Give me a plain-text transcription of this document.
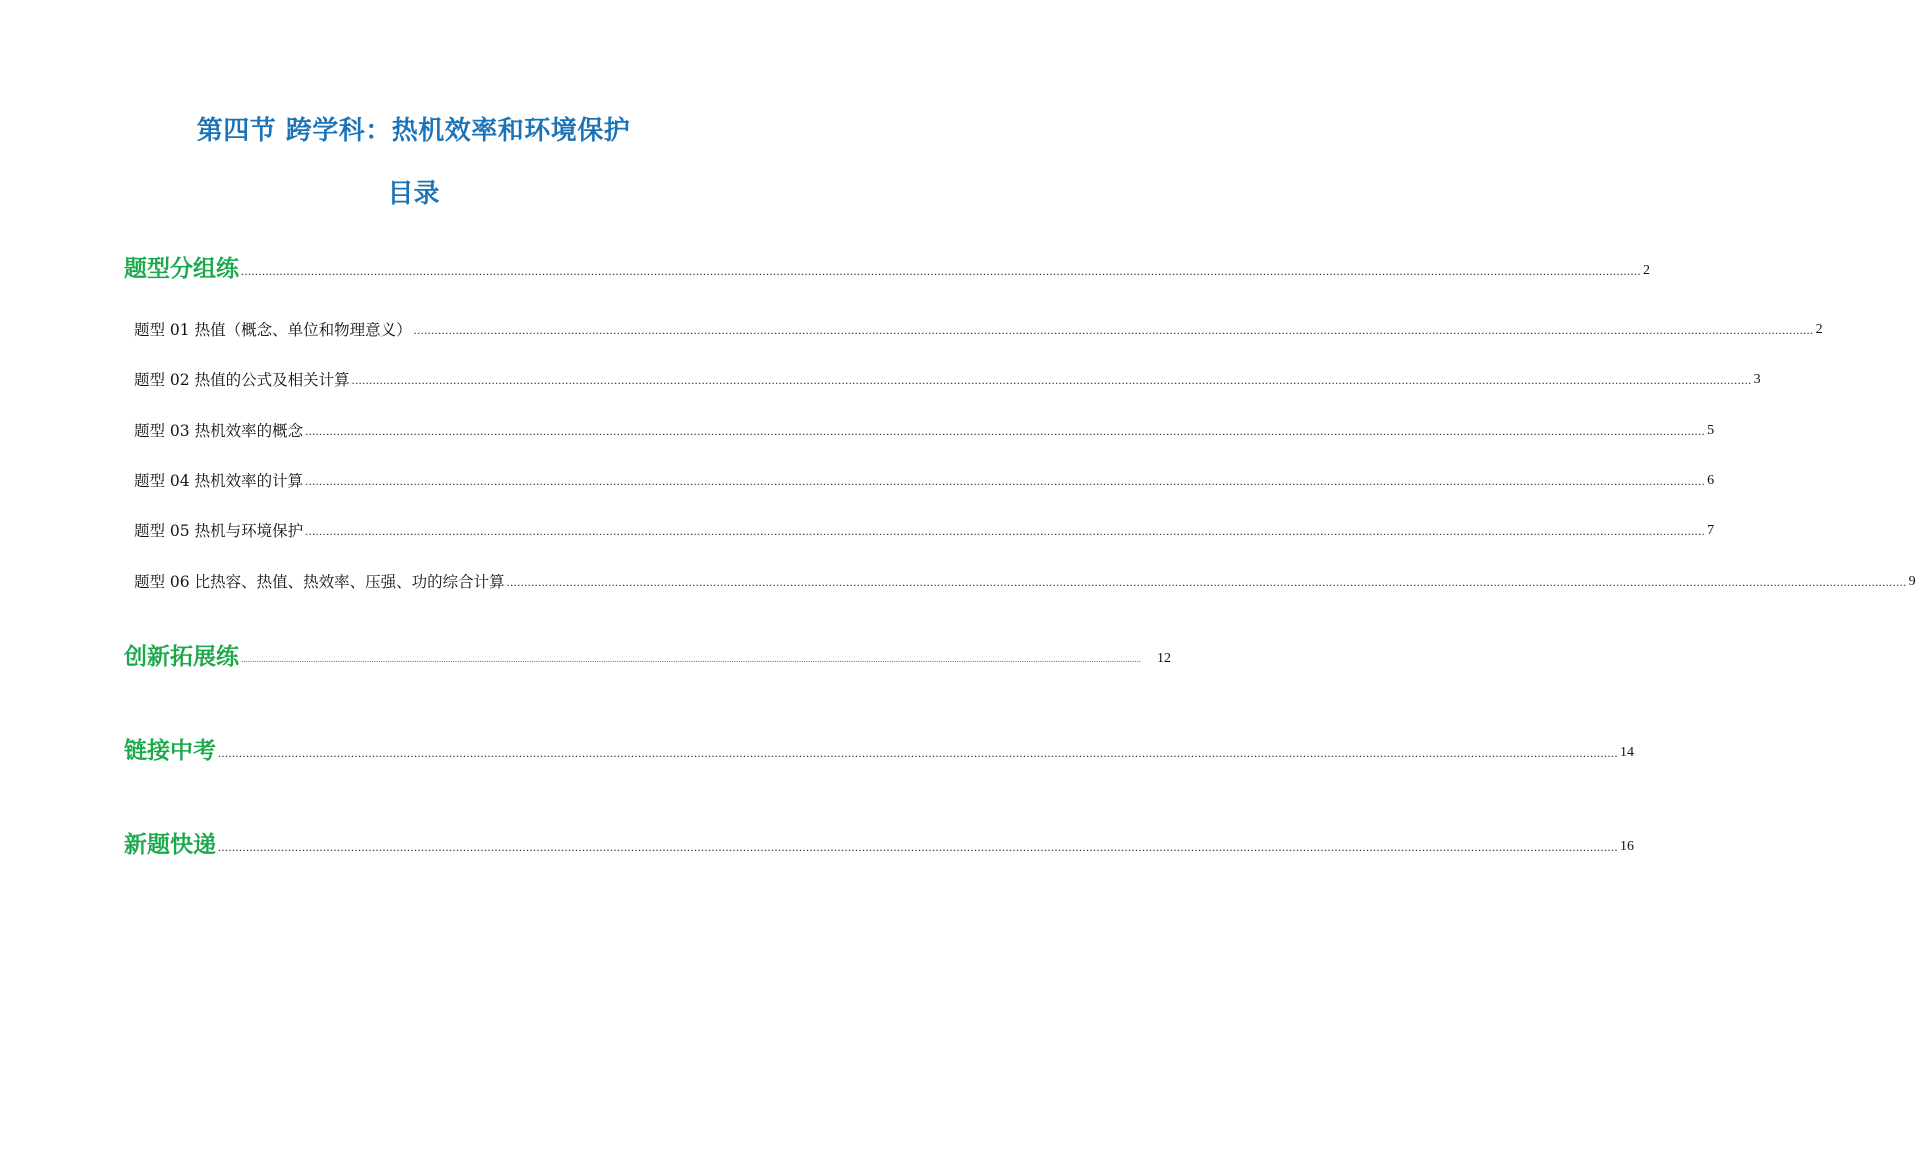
第四节 跨学科：热机效率和环境保护
目录
题型分组练 ................................................................................................................................................................................................................................................................................................................................................................................................................ 2
题型 01 热值（概念、单位和物理意义） ................................................................................................................................................................................................................................................................................................................................................................................................................ 2
题型 02 热值的公式及相关计算 ................................................................................................................................................................................................................................................................................................................................................................................................................ 3
题型 03 热机效率的概念 ................................................................................................................................................................................................................................................................................................................................................................................................................ 5
题型 04 热机效率的计算 ................................................................................................................................................................................................................................................................................................................................................................................................................ 6
题型 05 热机与环境保护 ................................................................................................................................................................................................................................................................................................................................................................................................................ 7
题型 06 比热容、热值、热效率、压强、功的综合计算 ................................................................................................................................................................................................................................................................................................................................................................................................................ 9
创新拓展练 ................................................................................................................................................................................................................................................................................................................................................................................................................ 12
链接中考 ................................................................................................................................................................................................................................................................................................................................................................................................................ 14
新题快递 ................................................................................................................................................................................................................................................................................................................................................................................................................ 16
